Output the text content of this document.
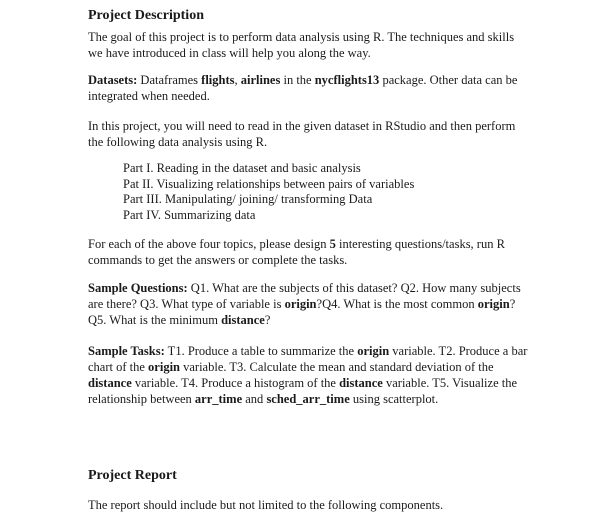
Project Description
The goal of this project is to perform data analysis using R. The techniques and skills we have introduced in class will help you along the way.
Datasets: Dataframes flights, airlines in the nycflights13 package. Other data can be integrated when needed.
In this project, you will need to read in the given dataset in RStudio and then perform the following data analysis using R.
Part I. Reading in the dataset and basic analysis
Pat II. Visualizing relationships between pairs of variables
Part III. Manipulating/ joining/ transforming Data
Part IV. Summarizing data
For each of the above four topics, please design 5 interesting questions/tasks, run R commands to get the answers or complete the tasks.
Sample Questions: Q1. What are the subjects of this dataset? Q2. How many subjects are there? Q3. What type of variable is origin?Q4. What is the most common origin? Q5. What is the minimum distance?
Sample Tasks: T1. Produce a table to summarize the origin variable. T2. Produce a bar chart of the origin variable. T3. Calculate the mean and standard deviation of the distance variable. T4. Produce a histogram of the distance variable. T5. Visualize the relationship between arr_time and sched_arr_time using scatterplot.
Project Report
The report should include but not limited to the following components.
